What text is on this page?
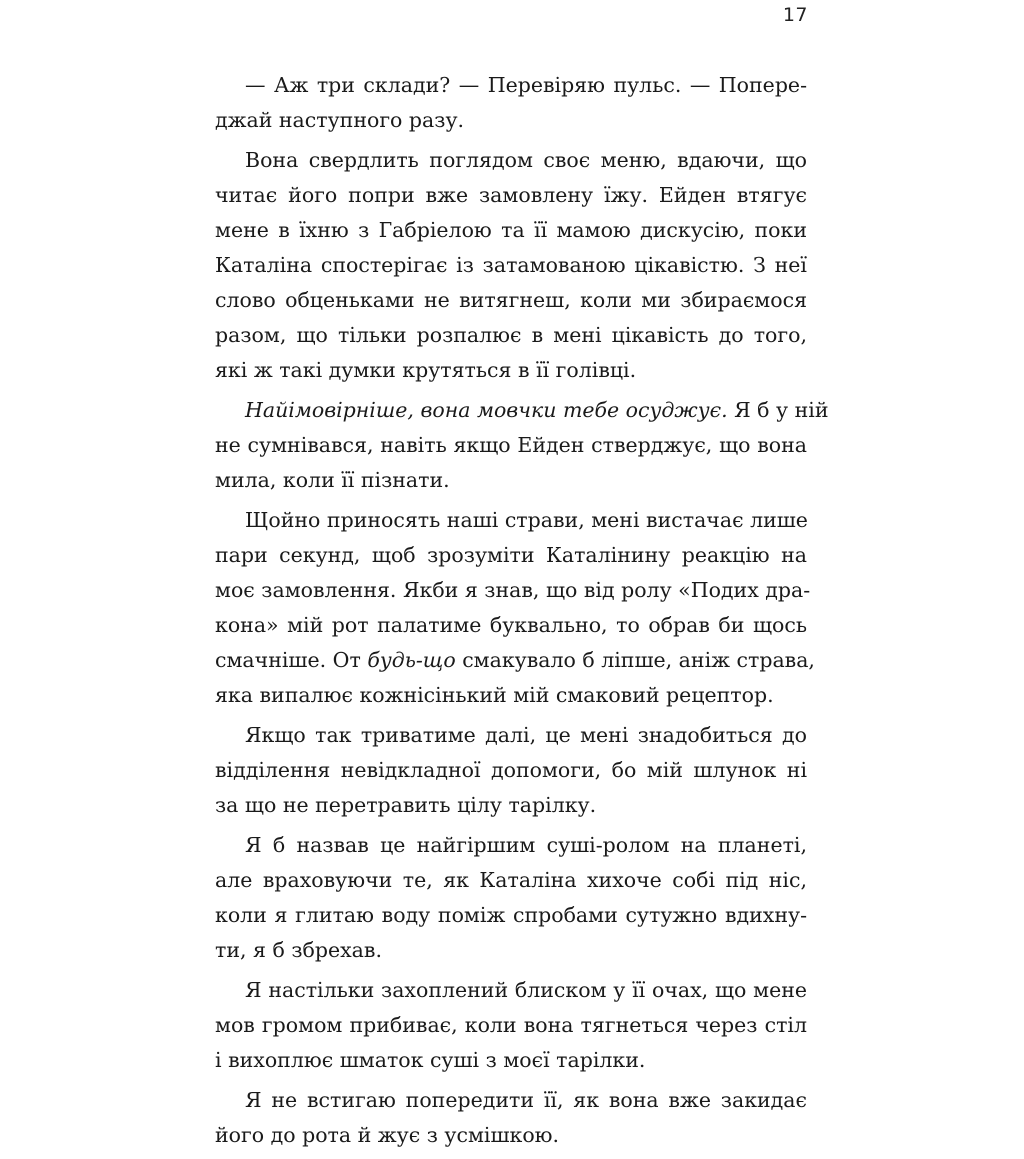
17

— Аж три склади? — Перевіряю пульс. — Попере-
джай наступного разу.

Вона свердлить поглядом своє меню, вдаючи, що
читає його попри вже замовлену їжу. Ейден втягує
мене в їхню з Габріелою та її мамою дискусію, поки
Каталіна спостерігає із затамованою цікавістю. З неї
слово обценьками не витягнеш, коли ми збираємося
разом, що тільки розпалює в мені цікавість до того,
які ж такі думки крутяться в її голівці.

Найімовірніше, вона мовчки тебе осуджує. Я б у ній
не сумнівався, навіть якщо Ейден стверджує, що вона
мила, коли її пізнати.

Щойно приносять наші страви, мені вистачає лише
пари секунд, щоб зрозуміти Каталінину реакцію на
моє замовлення. Якби я знав, що від ролу «Подих дра-
кона» мій рот палатиме буквально, то обрав би щось
смачніше. От будь-що смакувало б ліпше, аніж страва,
яка випалює кожнісінький мій смаковий рецептор.

Якщо так триватиме далі, це мені знадобиться до
відділення невідкладної допомоги, бо мій шлунок ні
за що не перетравить цілу тарілку.

Я б назвав це найгіршим суші-ролом на планеті,
але враховуючи те, як Каталіна хихоче собі під ніс,
коли я глитаю воду поміж спробами сутужно вдихну-
ти, я б збрехав.

Я настільки захоплений блиском у її очах, що мене
мов громом прибиває, коли вона тягнеться через стіл
і вихоплює шматок суші з моєї тарілки.

Я не встигаю попередити її, як вона вже закидає
його до рота й жує з усмішкою.
